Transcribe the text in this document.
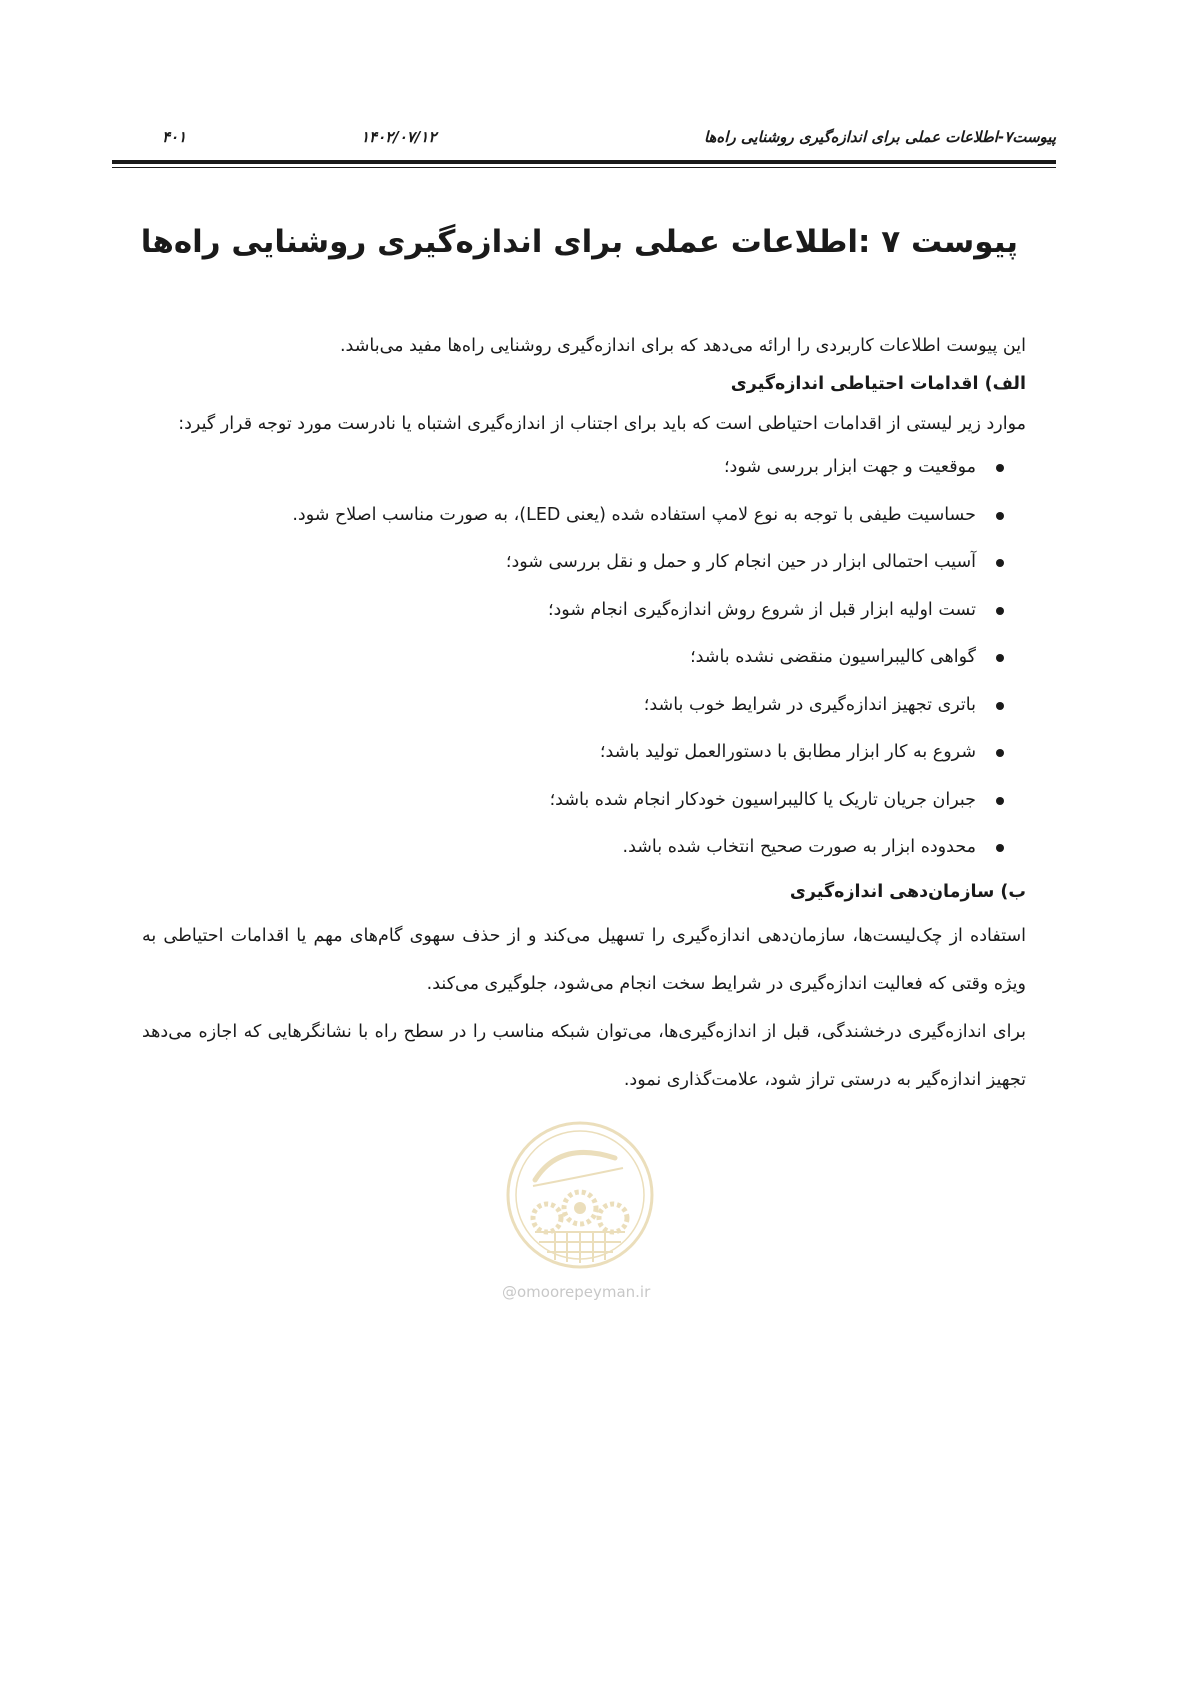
پیوست۷-اطلاعات عملی برای اندازه‌گیری روشنایی راه‌ها
۱۴۰۲/۰۷/۱۲
۴۰۱
پیوست ۷ :اطلاعات عملی برای اندازه‌گیری روشنایی راه‌ها

این پیوست اطلاعات کاربردی را ارائه می‌دهد که برای اندازه‌گیری روشنایی راه‌ها مفید می‌باشد.

الف) اقدامات احتیاطی اندازه‌گیری

موارد زیر لیستی از اقدامات احتیاطی است که باید برای اجتناب از اندازه‌گیری اشتباه یا نادرست مورد توجه قرار گیرد:

موقعیت و جهت ابزار بررسی شود؛
حساسیت طیفی با توجه به نوع لامپ استفاده شده (یعنی LED)، به صورت مناسب اصلاح شود.
آسیب احتمالی ابزار در حین انجام کار و حمل و نقل بررسی شود؛
تست اولیه ابزار قبل از شروع روش اندازه‌گیری انجام شود؛
گواهی کالیبراسیون منقضی نشده باشد؛
باتری تجهیز اندازه‌گیری در شرایط خوب باشد؛
شروع به کار ابزار مطابق با دستورالعمل تولید باشد؛
جبران جریان تاریک یا کالیبراسیون خودکار انجام شده باشد؛
محدوده ابزار به صورت صحیح انتخاب شده باشد.

ب) سازمان‌دهی اندازه‌گیری

استفاده از چک‌لیست‌ها، سازمان‌دهی اندازه‌گیری را تسهیل می‌کند و از حذف سهوی گام‌های مهم یا اقدامات احتیاطی به ویژه وقتی که فعالیت اندازه‌گیری در شرایط سخت انجام می‌شود، جلوگیری می‌کند.

برای اندازه‌گیری درخشندگی، قبل از اندازه‌گیری‌ها، می‌توان شبکه مناسب را در سطح راه با نشانگرهایی که اجازه می‌دهد تجهیز اندازه‌گیر به درستی تراز شود، علامت‌گذاری نمود.

@omoorepeyman.ir
